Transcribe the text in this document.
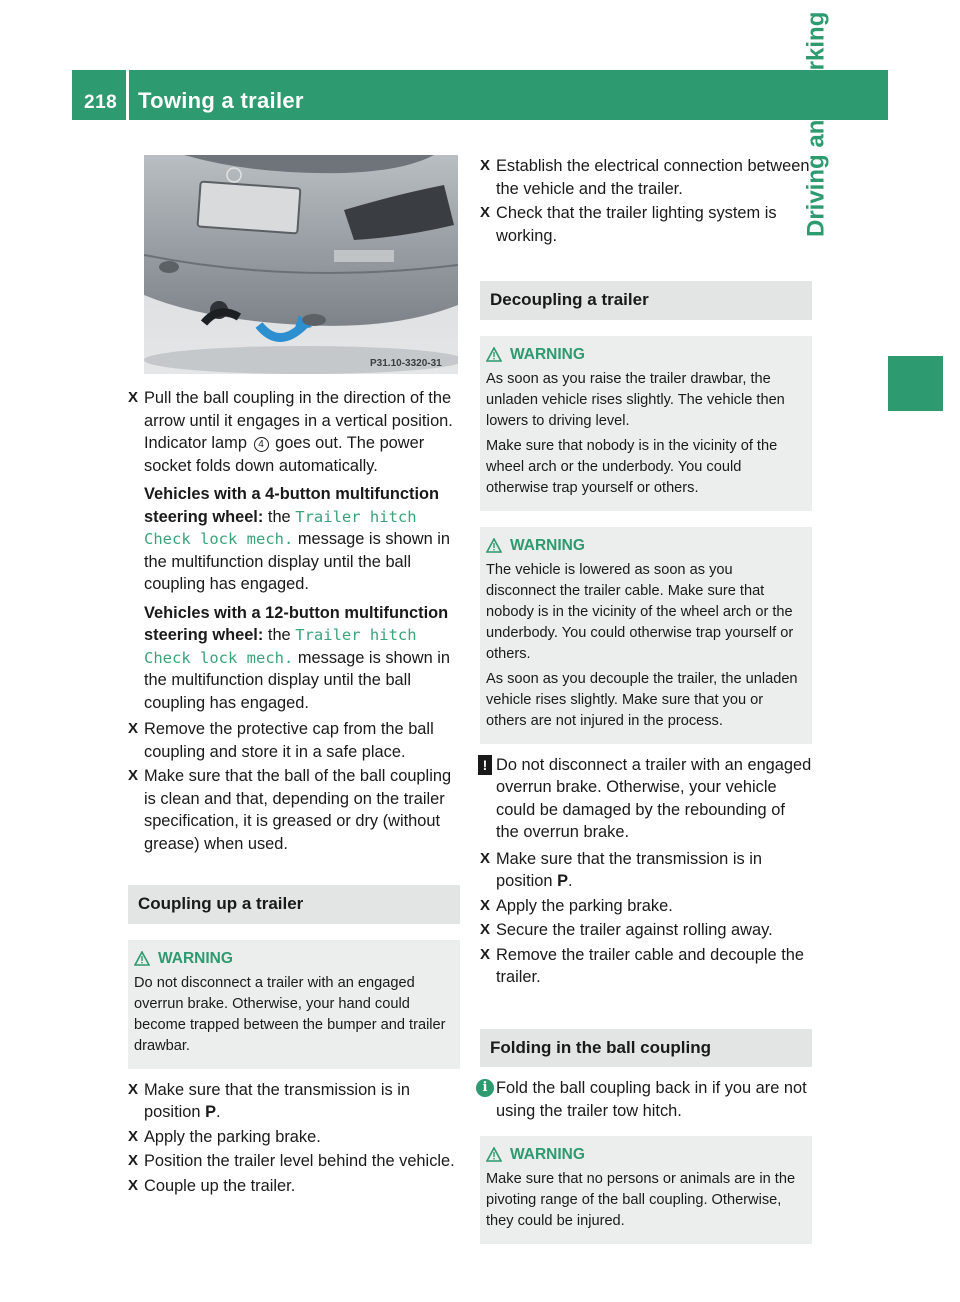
218 Towing a trailer	Driving and parking
P31.10-3320-31
X Pull the ball coupling in the direction of the arrow until it engages in a vertical position. Indicator lamp 4 goes out. The power socket folds down automatically.
Vehicles with a 4-button multifunction steering wheel: the Trailer hitch
Check lock mech. message is shown in the multifunction display until the ball coupling has engaged.
Vehicles with a 12-button multifunction steering wheel: the Trailer hitch
Check lock mech. message is shown in the multifunction display until the ball coupling has engaged.
X Remove the protective cap from the ball coupling and store it in a safe place.
X Make sure that the ball of the ball coupling is clean and that, depending on the trailer specification, it is greased or dry (without grease) when used.
Coupling up a trailer
WARNING

Do not disconnect a trailer with an engaged overrun brake. Otherwise, your hand could become trapped between the bumper and trailer drawbar.

X Make sure that the transmission is in position P.
X Apply the parking brake.
X Position the trailer level behind the vehicle.
X Couple up the trailer.
X Establish the electrical connection between the vehicle and the trailer.
X Check that the trailer lighting system is working.
Decoupling a trailer
WARNING

As soon as you raise the trailer drawbar, the unladen vehicle rises slightly. The vehicle then lowers to driving level.

Make sure that nobody is in the vicinity of the wheel arch or the underbody. You could otherwise trap yourself or others.

WARNING

The vehicle is lowered as soon as you disconnect the trailer cable. Make sure that nobody is in the vicinity of the wheel arch or the underbody. You could otherwise trap yourself or others.

As soon as you decouple the trailer, the unladen vehicle rises slightly. Make sure that you or others are not injured in the process.

! Do not disconnect a trailer with an engaged overrun brake. Otherwise, your vehicle could be damaged by the rebounding of the overrun brake.
X Make sure that the transmission is in position P.
X Apply the parking brake.
X Secure the trailer against rolling away.
X Remove the trailer cable and decouple the trailer.
Folding in the ball coupling
i Fold the ball coupling back in if you are not using the trailer tow hitch.
WARNING

Make sure that no persons or animals are in the pivoting range of the ball coupling. Otherwise, they could be injured.
